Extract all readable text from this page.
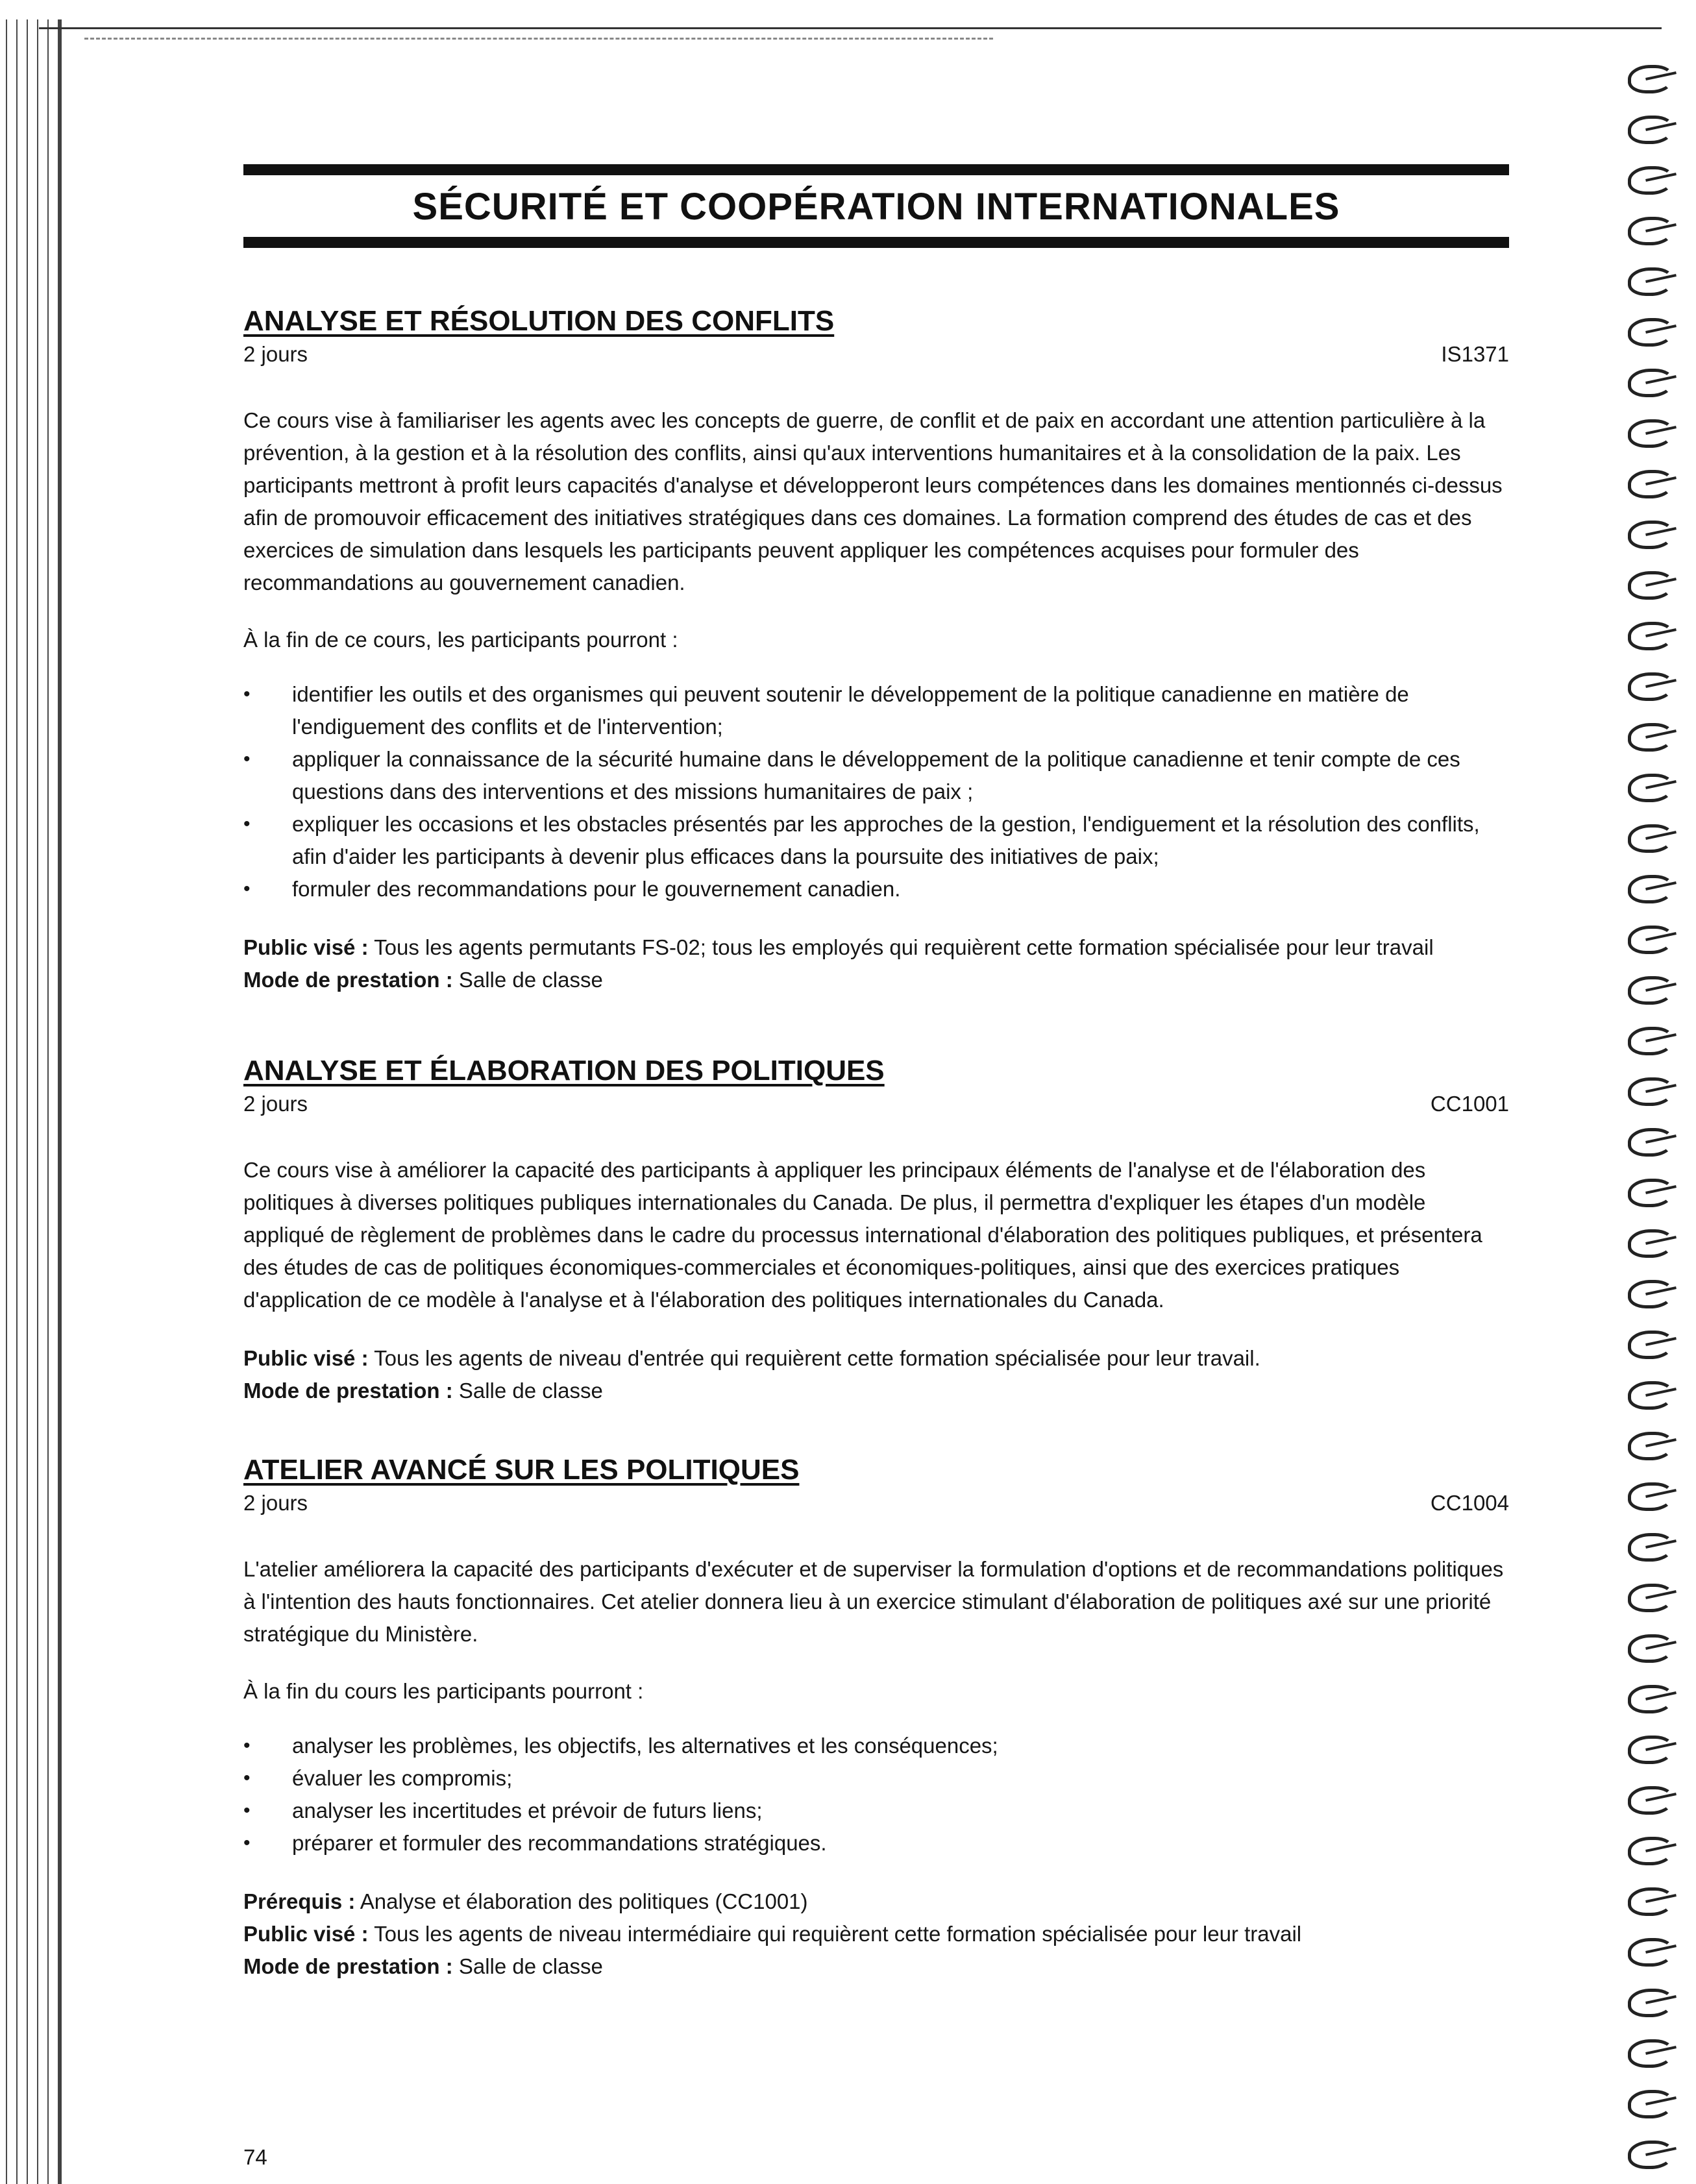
SÉCURITÉ ET COOPÉRATION INTERNATIONALES
ANALYSE ET RÉSOLUTION DES CONFLITS
2 jours	IS1371

Ce cours vise à familiariser les agents avec les concepts de guerre, de conflit et de paix en accordant une attention particulière à la prévention, à la gestion et à la résolution des conflits, ainsi qu'aux interventions humanitaires et à la consolidation de la paix. Les participants mettront à profit leurs capacités d'analyse et développeront leurs compétences dans les domaines mentionnés ci-dessus afin de promouvoir efficacement des initiatives stratégiques dans ces domaines. La formation comprend des études de cas et des exercices de simulation dans lesquels les participants peuvent appliquer les compétences acquises pour formuler des recommandations au gouvernement canadien.

À la fin de ce cours, les participants pourront :

• identifier les outils et des organismes qui peuvent soutenir le développement de la politique canadienne en matière de l'endiguement des conflits et de l'intervention;
• appliquer la connaissance de la sécurité humaine dans le développement de la politique canadienne et tenir compte de ces questions dans des interventions et des missions humanitaires de paix ;
• expliquer les occasions et les obstacles présentés par les approches de la gestion, l'endiguement et la résolution des conflits, afin d'aider les participants à devenir plus efficaces dans la poursuite des initiatives de paix;
• formuler des recommandations pour le gouvernement canadien.
Public visé : Tous les agents permutants FS-02; tous les employés qui requièrent cette formation spécialisée pour leur travail
Mode de prestation : Salle de classe
ANALYSE ET ÉLABORATION DES POLITIQUES
2 jours	CC1001

Ce cours vise à améliorer la capacité des participants à appliquer les principaux éléments de l'analyse et de l'élaboration des politiques à diverses politiques publiques internationales du Canada. De plus, il permettra d'expliquer les étapes d'un modèle appliqué de règlement de problèmes dans le cadre du processus international d'élaboration des politiques publiques, et présentera des études de cas de politiques économiques-commerciales et économiques-politiques, ainsi que des exercices pratiques d'application de ce modèle à l'analyse et à l'élaboration des politiques internationales du Canada.

Public visé : Tous les agents de niveau d'entrée qui requièrent cette formation spécialisée pour leur travail.
Mode de prestation : Salle de classe
ATELIER AVANCÉ SUR LES POLITIQUES
2 jours	CC1004

L'atelier améliorera la capacité des participants d'exécuter et de superviser la formulation d'options et de recommandations politiques à l'intention des hauts fonctionnaires. Cet atelier donnera lieu à un exercice stimulant d'élaboration de politiques axé sur une priorité stratégique du Ministère.

À la fin du cours les participants pourront :

• analyser les problèmes, les objectifs, les alternatives et les conséquences;
• évaluer les compromis;
• analyser les incertitudes et prévoir de futurs liens;
• préparer et formuler des recommandations stratégiques.
Prérequis : Analyse et élaboration des politiques (CC1001)
Public visé : Tous les agents de niveau intermédiaire qui requièrent cette formation spécialisée pour leur travail
Mode de prestation : Salle de classe
74
